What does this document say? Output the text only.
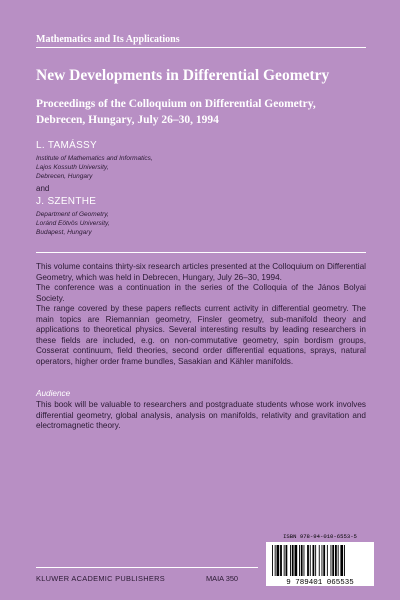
Mathematics and Its Applications
New Developments in Differential Geometry
Proceedings of the Colloquium on Differential Geometry,
Debrecen, Hungary, July 26–30, 1994
L. TAMÁSSY
Institute of Mathematics and Informatics,
Lajos Kossuth University,
Debrecen, Hungary
and
J. SZENTHE
Department of Geometry,
Loránd Eötvös University,
Budapest, Hungary

This volume contains thirty-six research articles presented at the Colloquium on Differential Geometry, which was held in Debrecen, Hungary, July 26–30, 1994.

The conference was a continuation in the series of the Colloquia of the János Bolyai Society.

The range covered by these papers reflects current activity in differential geometry. The main topics are Riemannian geometry, Finsler geometry, sub-manifold theory and applications to theoretical physics. Several interesting results by leading researchers in these fields are included, e.g. on non-commutative geometry, spin bordism groups, Cosserat continuum, field theories, second order differential equations, sprays, natural operators, higher order frame bundles, Sasakian and Kähler manifolds.

Audience
This book will be valuable to researchers and postgraduate students whose work involves differential geometry, global analysis, analysis on manifolds, relativity and gravitation and electromagnetic theory.
ISBN 978-94-010-6553-5
9 789401 065535
KLUWER ACADEMIC PUBLISHERS	MAIA 350
